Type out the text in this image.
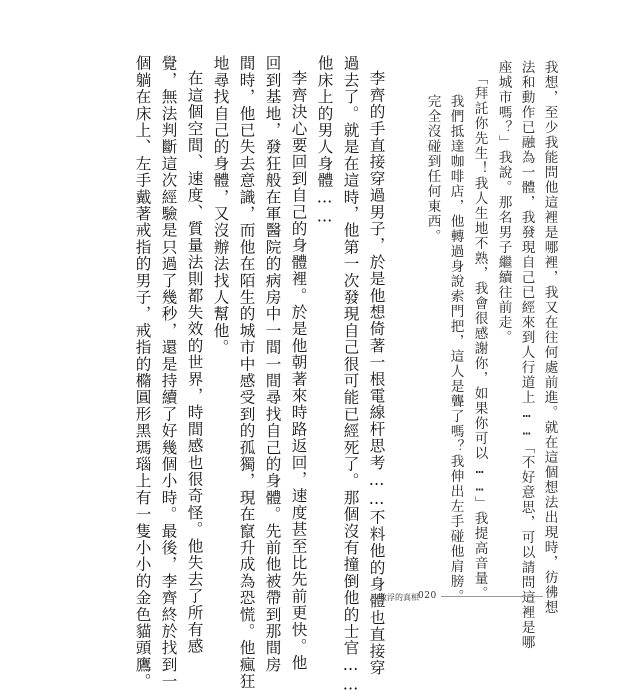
我想，至少我能問他這裡是哪裡，我又在往何處前進。就在這個想法出現時，彷彿想
法和動作已融為一體，我發現自己已經來到人行道上……「不好意思，可以請問這裡是哪
座城市嗎？」我說。那名男子繼續往前走。
「拜託你先生！我人生地不熟，我會很感謝你，如果你可以……」我提高音量。
我們抵達咖啡店，他轉過身說索門把，這人是聾了嗎？我伸出左手碰他肩膀。
完全沒碰到任何東西。
李齊的手直接穿過男子，於是他想倚著一根電線杆思考……不料他的身體也直接穿
過去了。就是在這時，他第一次發現自己很可能已經死了。那個沒有撞倒他的士官……
他床上的男人身體……
李齊決心要回到自己的身體裡。於是他朝著來時路返回，速度甚至比先前更快。他
回到基地，發狂般在軍醫院的病房中一間一間尋找自己的身體。先前他被帶到那間房
間時，他已失去意識，而他在陌生的城市中感受到的孤獨，現在竄升成為恐慌。他瘋狂
地尋找自己的身體，又沒辦法找人幫他。
在這個空間、速度、質量法則都失效的世界，時間感也很奇怪。他失去了所有感
覺，無法判斷這次經驗是只過了幾秒，還是持續了好幾個小時。最後，李齊終於找到一
個躺在床上、左手戴著戒指的男子，戒指的橢圓形黑瑪瑙上有一隻小小的金色貓頭鷹。	救浮的真相 020
